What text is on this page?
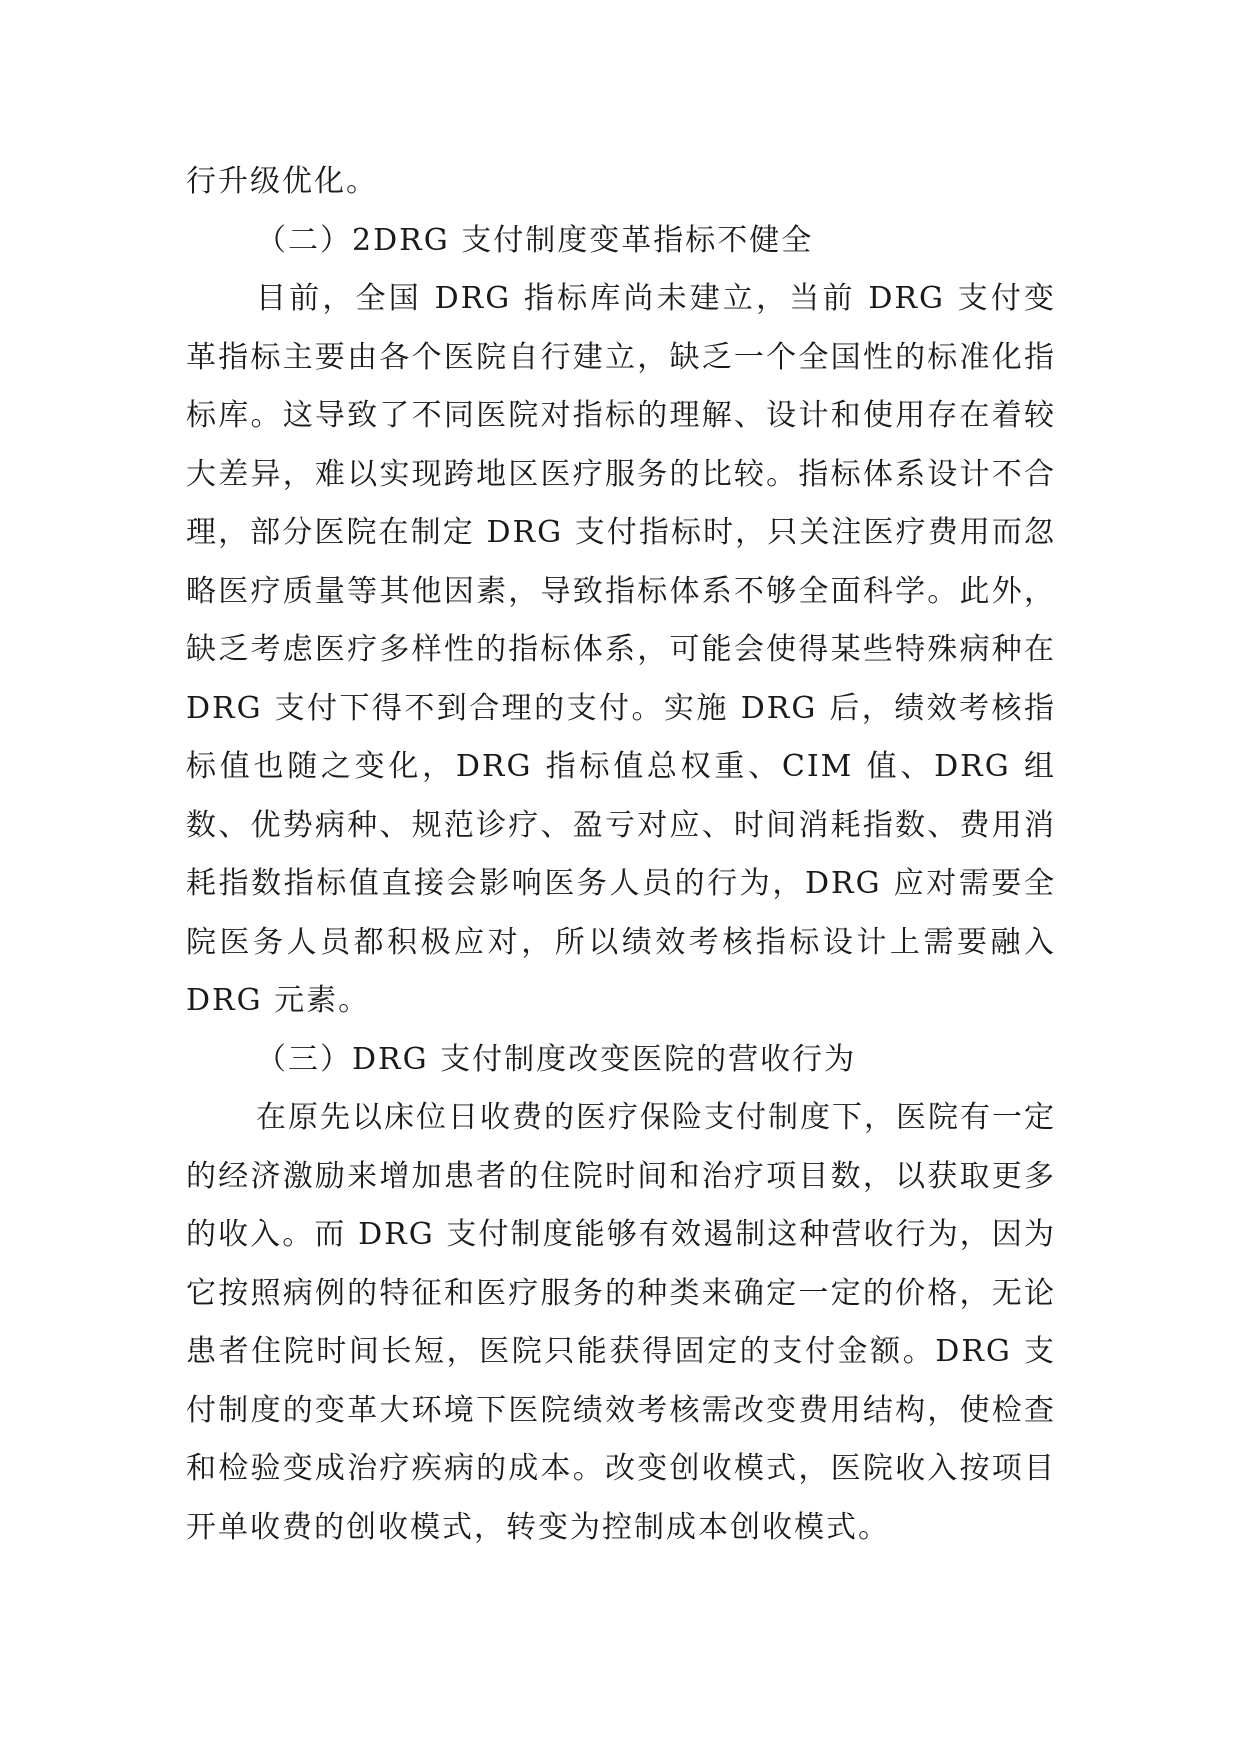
行升级优化。

（二）2DRG 支付制度变革指标不健全

目前，全国 DRG 指标库尚未建立，当前 DRG 支付变革指标主要由各个医院自行建立，缺乏一个全国性的标准化指标库。这导致了不同医院对指标的理解、设计和使用存在着较大差异，难以实现跨地区医疗服务的比较。指标体系设计不合理，部分医院在制定 DRG 支付指标时，只关注医疗费用而忽略医疗质量等其他因素，导致指标体系不够全面科学。此外，缺乏考虑医疗多样性的指标体系，可能会使得某些特殊病种在 DRG 支付下得不到合理的支付。实施 DRG 后，绩效考核指标值也随之变化，DRG 指标值总权重、CIM 值、DRG 组数、优势病种、规范诊疗、盈亏对应、时间消耗指数、费用消耗指数指标值直接会影响医务人员的行为，DRG 应对需要全院医务人员都积极应对，所以绩效考核指标设计上需要融入 DRG 元素。

（三）DRG 支付制度改变医院的营收行为

在原先以床位日收费的医疗保险支付制度下，医院有一定的经济激励来增加患者的住院时间和治疗项目数，以获取更多的收入。而 DRG 支付制度能够有效遏制这种营收行为，因为它按照病例的特征和医疗服务的种类来确定一定的价格，无论患者住院时间长短，医院只能获得固定的支付金额。DRG 支付制度的变革大环境下医院绩效考核需改变费用结构，使检查和检验变成治疗疾病的成本。改变创收模式，医院收入按项目开单收费的创收模式，转变为控制成本创收模式。
